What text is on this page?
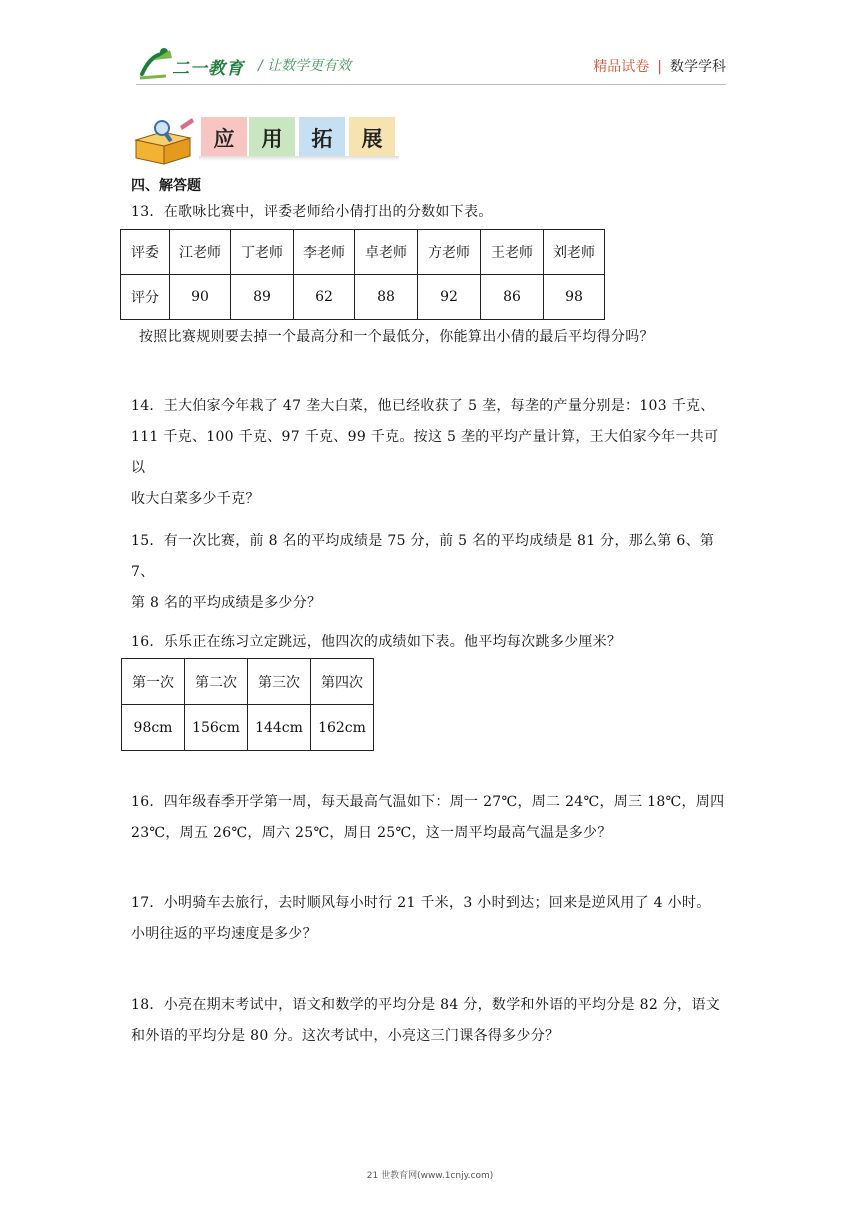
二一教育 / 让数学更有效	精品试卷 | 数学学科
应	用	拓	展
四、解答题
13．在歌咏比赛中，评委老师给小倩打出的分数如下表。
评委	江老师	丁老师	李老师	卓老师	方老师	王老师	刘老师
评分	90	89	62	88	92	86	98
按照比赛规则要去掉一个最高分和一个最低分，你能算出小倩的最后平均得分吗？
14．王大伯家今年栽了 47 垄大白菜，他已经收获了 5 垄，每垄的产量分别是：103 千克、
111 千克、100 千克、97 千克、99 千克。按这 5 垄的平均产量计算，王大伯家今年一共可以
收大白菜多少千克？
15．有一次比赛，前 8 名的平均成绩是 75 分，前 5 名的平均成绩是 81 分，那么第 6、第 7、
第 8 名的平均成绩是多少分？
16．乐乐正在练习立定跳远，他四次的成绩如下表。他平均每次跳多少厘米？
第一次	第二次	第三次	第四次
98cm	156cm	144cm	162cm
16．四年级春季开学第一周，每天最高气温如下：周一 27℃，周二 24℃，周三 18℃，周四
23℃，周五 26℃，周六 25℃，周日 25℃，这一周平均最高气温是多少？
17．小明骑车去旅行，去时顺风每小时行 21 千米，3 小时到达；回来是逆风用了 4 小时。
小明往返的平均速度是多少？
18．小亮在期末考试中，语文和数学的平均分是 84 分，数学和外语的平均分是 82 分，语文
和外语的平均分是 80 分。这次考试中，小亮这三门课各得多少分？
21 世教育网(www.1cnjy.com)
